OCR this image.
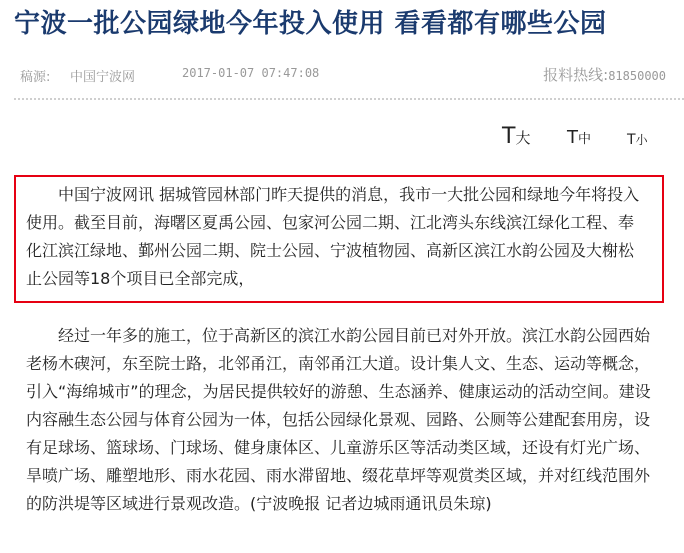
宁波一批公园绿地今年投入使用 看看都有哪些公园
稿源: 中国宁波网	2017-01-07 07:47:08	报料热线:81850000
T大 T中	T小

中国宁波网讯 据城管园林部门昨天提供的消息，我市一大批公园和绿地今年将投入使用。截至目前，海曙区夏禹公园、包家河公园二期、江北湾头东线滨江绿化工程、奉化江滨江绿地、鄞州公园二期、院士公园、宁波植物园、高新区滨江水韵公园及大榭松止公园等18个项目已全部完成，

经过一年多的施工，位于高新区的滨江水韵公园目前已对外开放。滨江水韵公园西始老杨木碶河，东至院士路，北邻甬江，南邻甬江大道。设计集人文、生态、运动等概念，引入“海绵城市”的理念，为居民提供较好的游憩、生态涵养、健康运动的活动空间。建设内容融生态公园与体育公园为一体，包括公园绿化景观、园路、公厕等公建配套用房，设有足球场、篮球场、门球场、健身康体区、儿童游乐区等活动类区域，还设有灯光广场、旱喷广场、雕塑地形、雨水花园、雨水滞留地、缀花草坪等观赏类区域，并对红线范围外的防洪堤等区域进行景观改造。(宁波晚报 记者边城雨通讯员朱琼)
